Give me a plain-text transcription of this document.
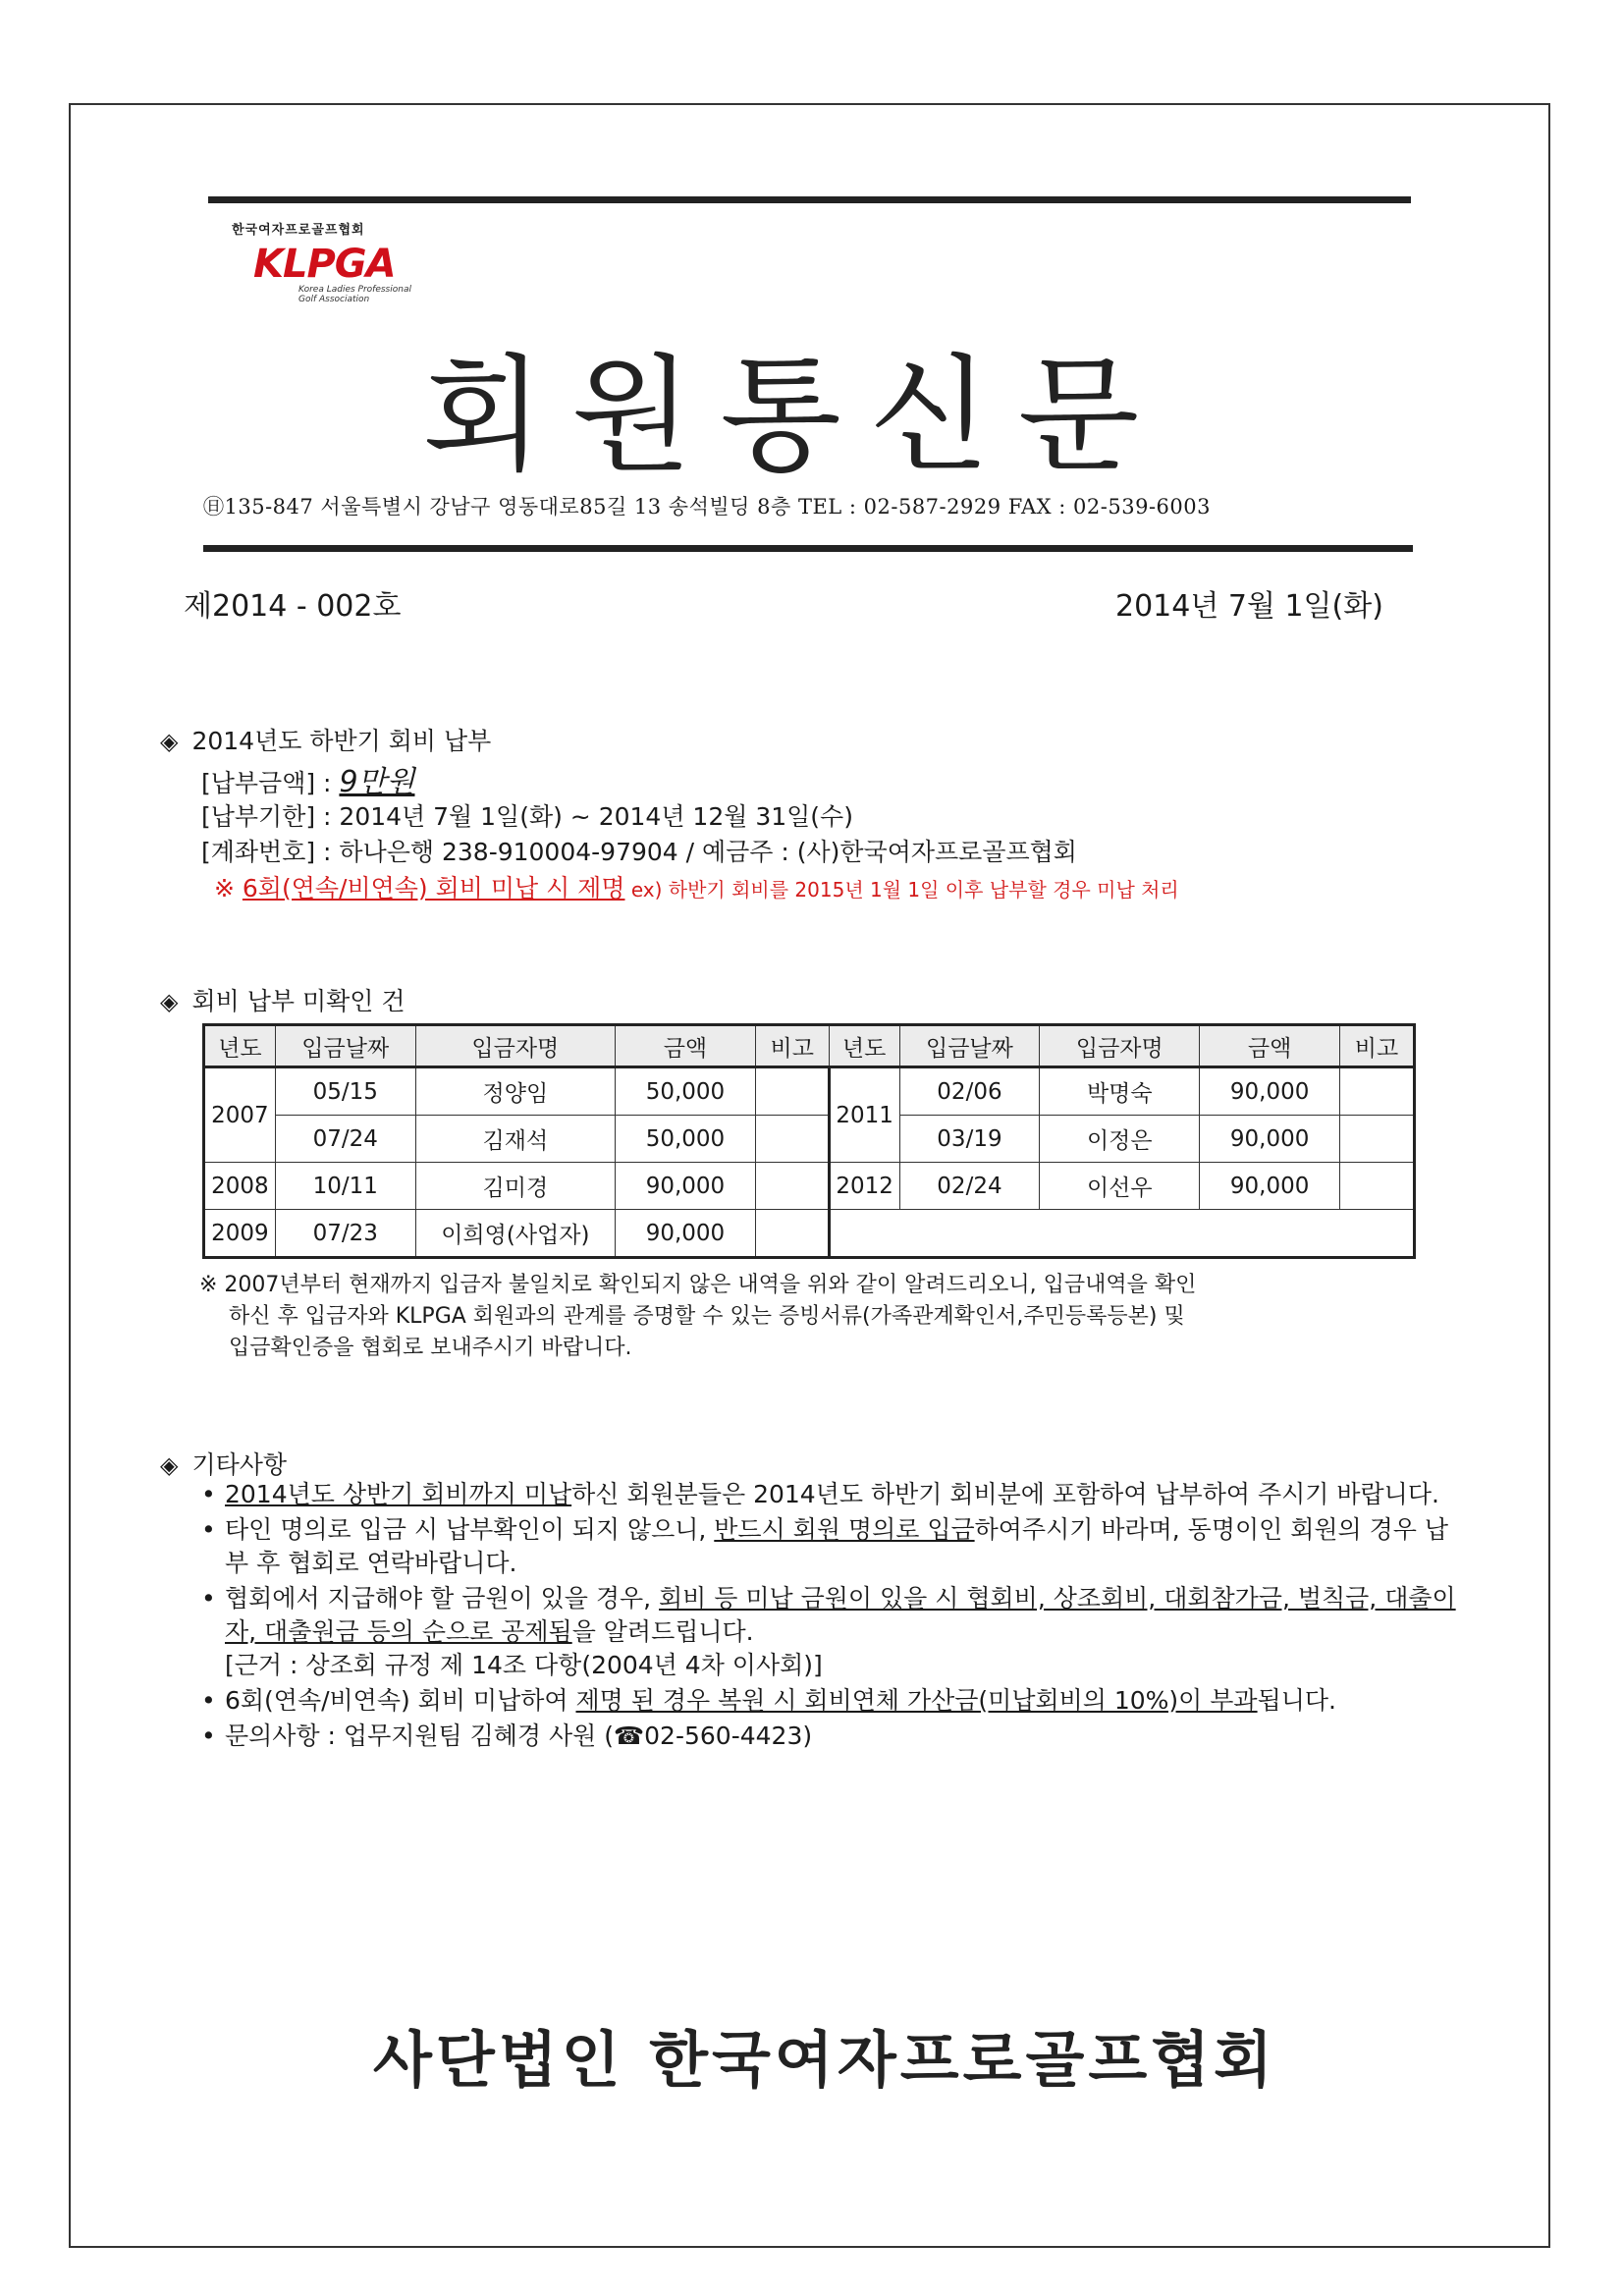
한국여자프로골프협회
KLPGA
Korea Ladies Professional
Golf Association
회원통신문
㊐135-847 서울특별시 강남구 영동대로85길 13 송석빌딩 8층 TEL : 02-587-2929 FAX : 02-539-6003
제2014 - 002호	2014년 7월 1일(화)
◈ 2014년도 하반기 회비 납부
[납부금액] : 9만원
[납부기한] : 2014년 7월 1일(화) ~ 2014년 12월 31일(수)
[계좌번호] : 하나은행 238-910004-97904 / 예금주 : (사)한국여자프로골프협회
※ 6회(연속/비연속) 회비 미납 시 제명 ex) 하반기 회비를 2015년 1월 1일 이후 납부할 경우 미납 처리
◈ 회비 납부 미확인 건
년도	입금날짜	입금자명	금액	비고	년도	입금날짜	입금자명	금액	비고
2007	05/15	정양임	50,000		2011	02/06	박명숙	90,000	
	07/24	김재석	50,000			03/19	이정은	90,000	
2008	10/11	김미경	90,000		2012	02/24	이선우	90,000	
2009	07/23	이희영(사업자)	90,000						
※ 2007년부터 현재까지 입금자 불일치로 확인되지 않은 내역을 위와 같이 알려드리오니, 입금내역을 확인
하신 후 입금자와 KLPGA 회원과의 관계를 증명할 수 있는 증빙서류(가족관계확인서,주민등록등본) 및
입금확인증을 협회로 보내주시기 바랍니다.
◈ 기타사항
• 2014년도 상반기 회비까지 미납하신 회원분들은 2014년도 하반기 회비분에 포함하여 납부하여 주시기 바랍니다.
• 타인 명의로 입금 시 납부확인이 되지 않으니, 반드시 회원 명의로 입금하여주시기 바라며, 동명이인 회원의 경우 납부 후 협회로 연락바랍니다.
• 협회에서 지급해야 할 금원이 있을 경우, 회비 등 미납 금원이 있을 시 협회비, 상조회비, 대회참가금, 벌칙금, 대출이자, 대출원금 등의 순으로 공제됨을 알려드립니다.
[근거 : 상조회 규정 제 14조 다항(2004년 4차 이사회)]
• 6회(연속/비연속) 회비 미납하여 제명 된 경우 복원 시 회비연체 가산금(미납회비의 10%)이 부과됩니다.
• 문의사항 : 업무지원팀 김혜경 사원 (☎02-560-4423)
사단법인 한국여자프로골프협회
